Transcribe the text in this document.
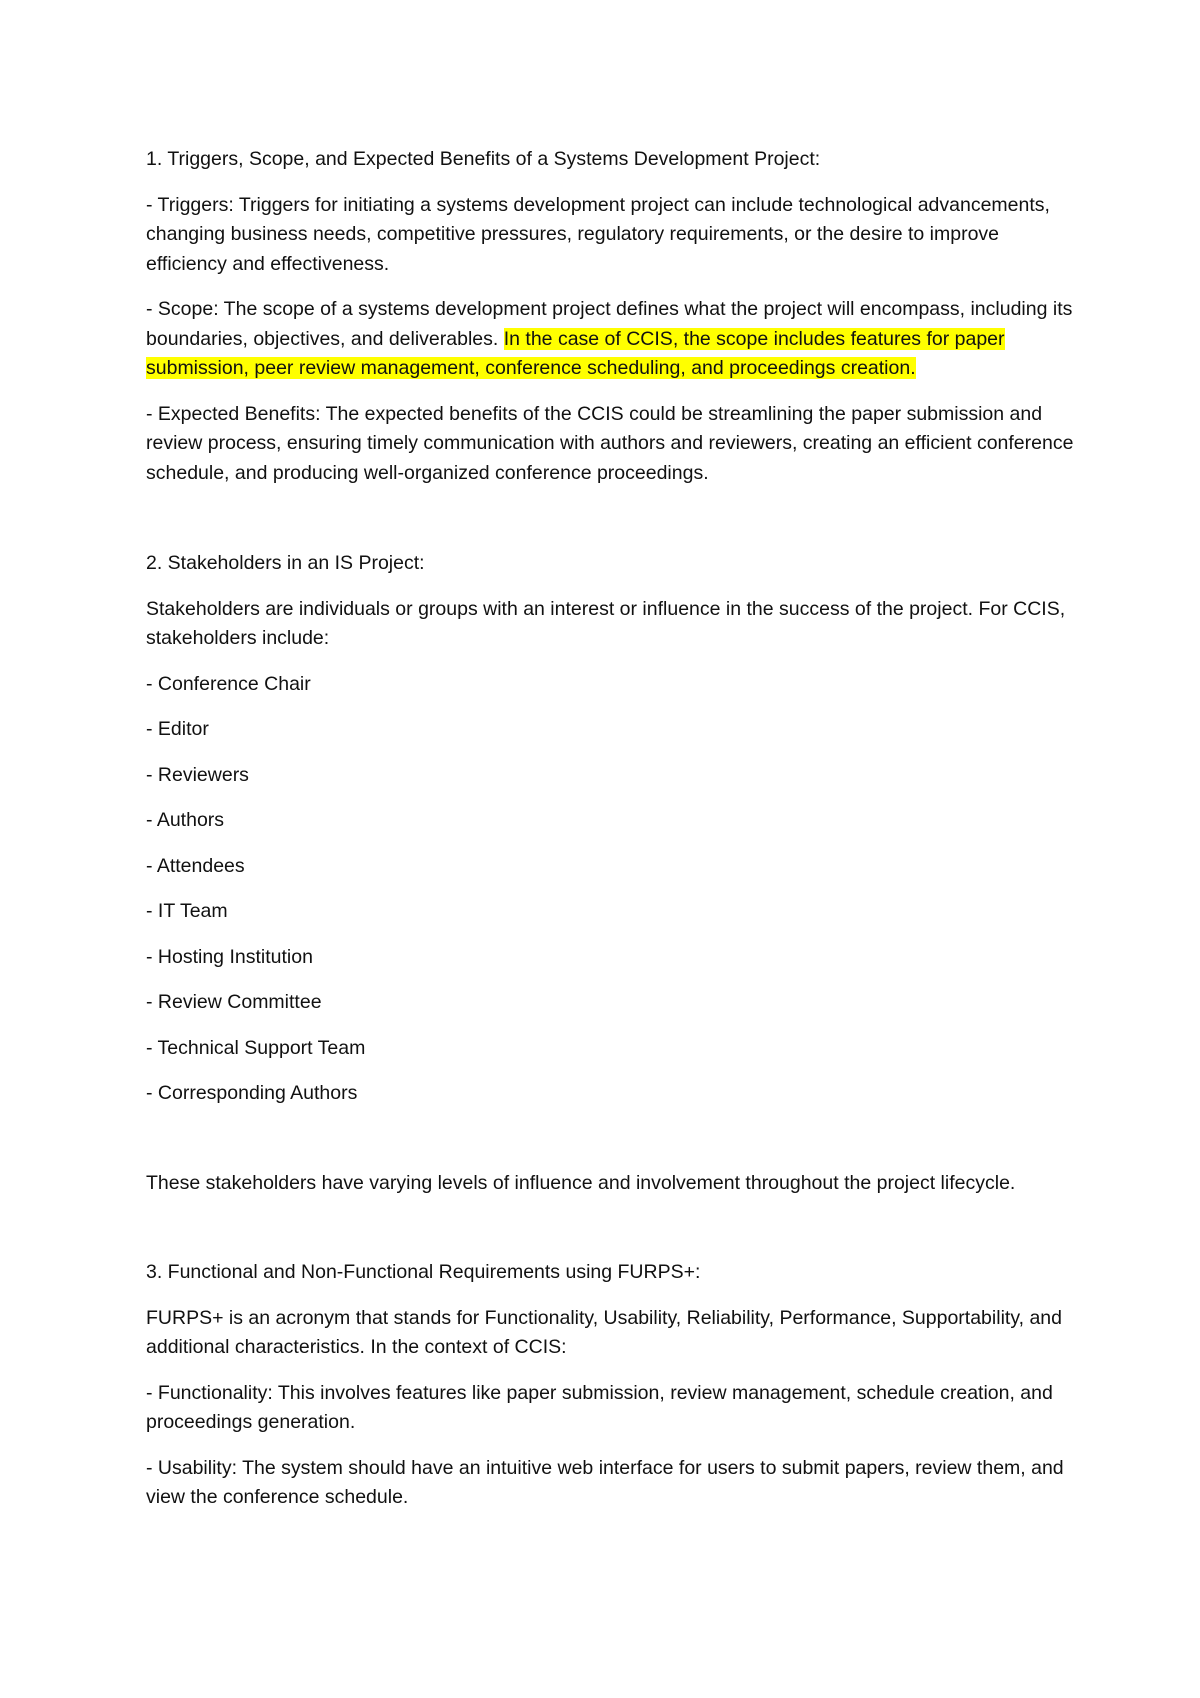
1. Triggers, Scope, and Expected Benefits of a Systems Development Project:

- Triggers: Triggers for initiating a systems development project can include technological advancements, changing business needs, competitive pressures, regulatory requirements, or the desire to improve efficiency and effectiveness.

- Scope: The scope of a systems development project defines what the project will encompass, including its boundaries, objectives, and deliverables. In the case of CCIS, the scope includes features for paper submission, peer review management, conference scheduling, and proceedings creation.

- Expected Benefits: The expected benefits of the CCIS could be streamlining the paper submission and review process, ensuring timely communication with authors and reviewers, creating an efficient conference schedule, and producing well-organized conference proceedings.

2. Stakeholders in an IS Project:

Stakeholders are individuals or groups with an interest or influence in the success of the project. For CCIS, stakeholders include:

- Conference Chair

- Editor

- Reviewers

- Authors

- Attendees

- IT Team

- Hosting Institution

- Review Committee

- Technical Support Team

- Corresponding Authors

These stakeholders have varying levels of influence and involvement throughout the project lifecycle.

3. Functional and Non-Functional Requirements using FURPS+:

FURPS+ is an acronym that stands for Functionality, Usability, Reliability, Performance, Supportability, and additional characteristics. In the context of CCIS:

- Functionality: This involves features like paper submission, review management, schedule creation, and proceedings generation.

- Usability: The system should have an intuitive web interface for users to submit papers, review them, and view the conference schedule.
